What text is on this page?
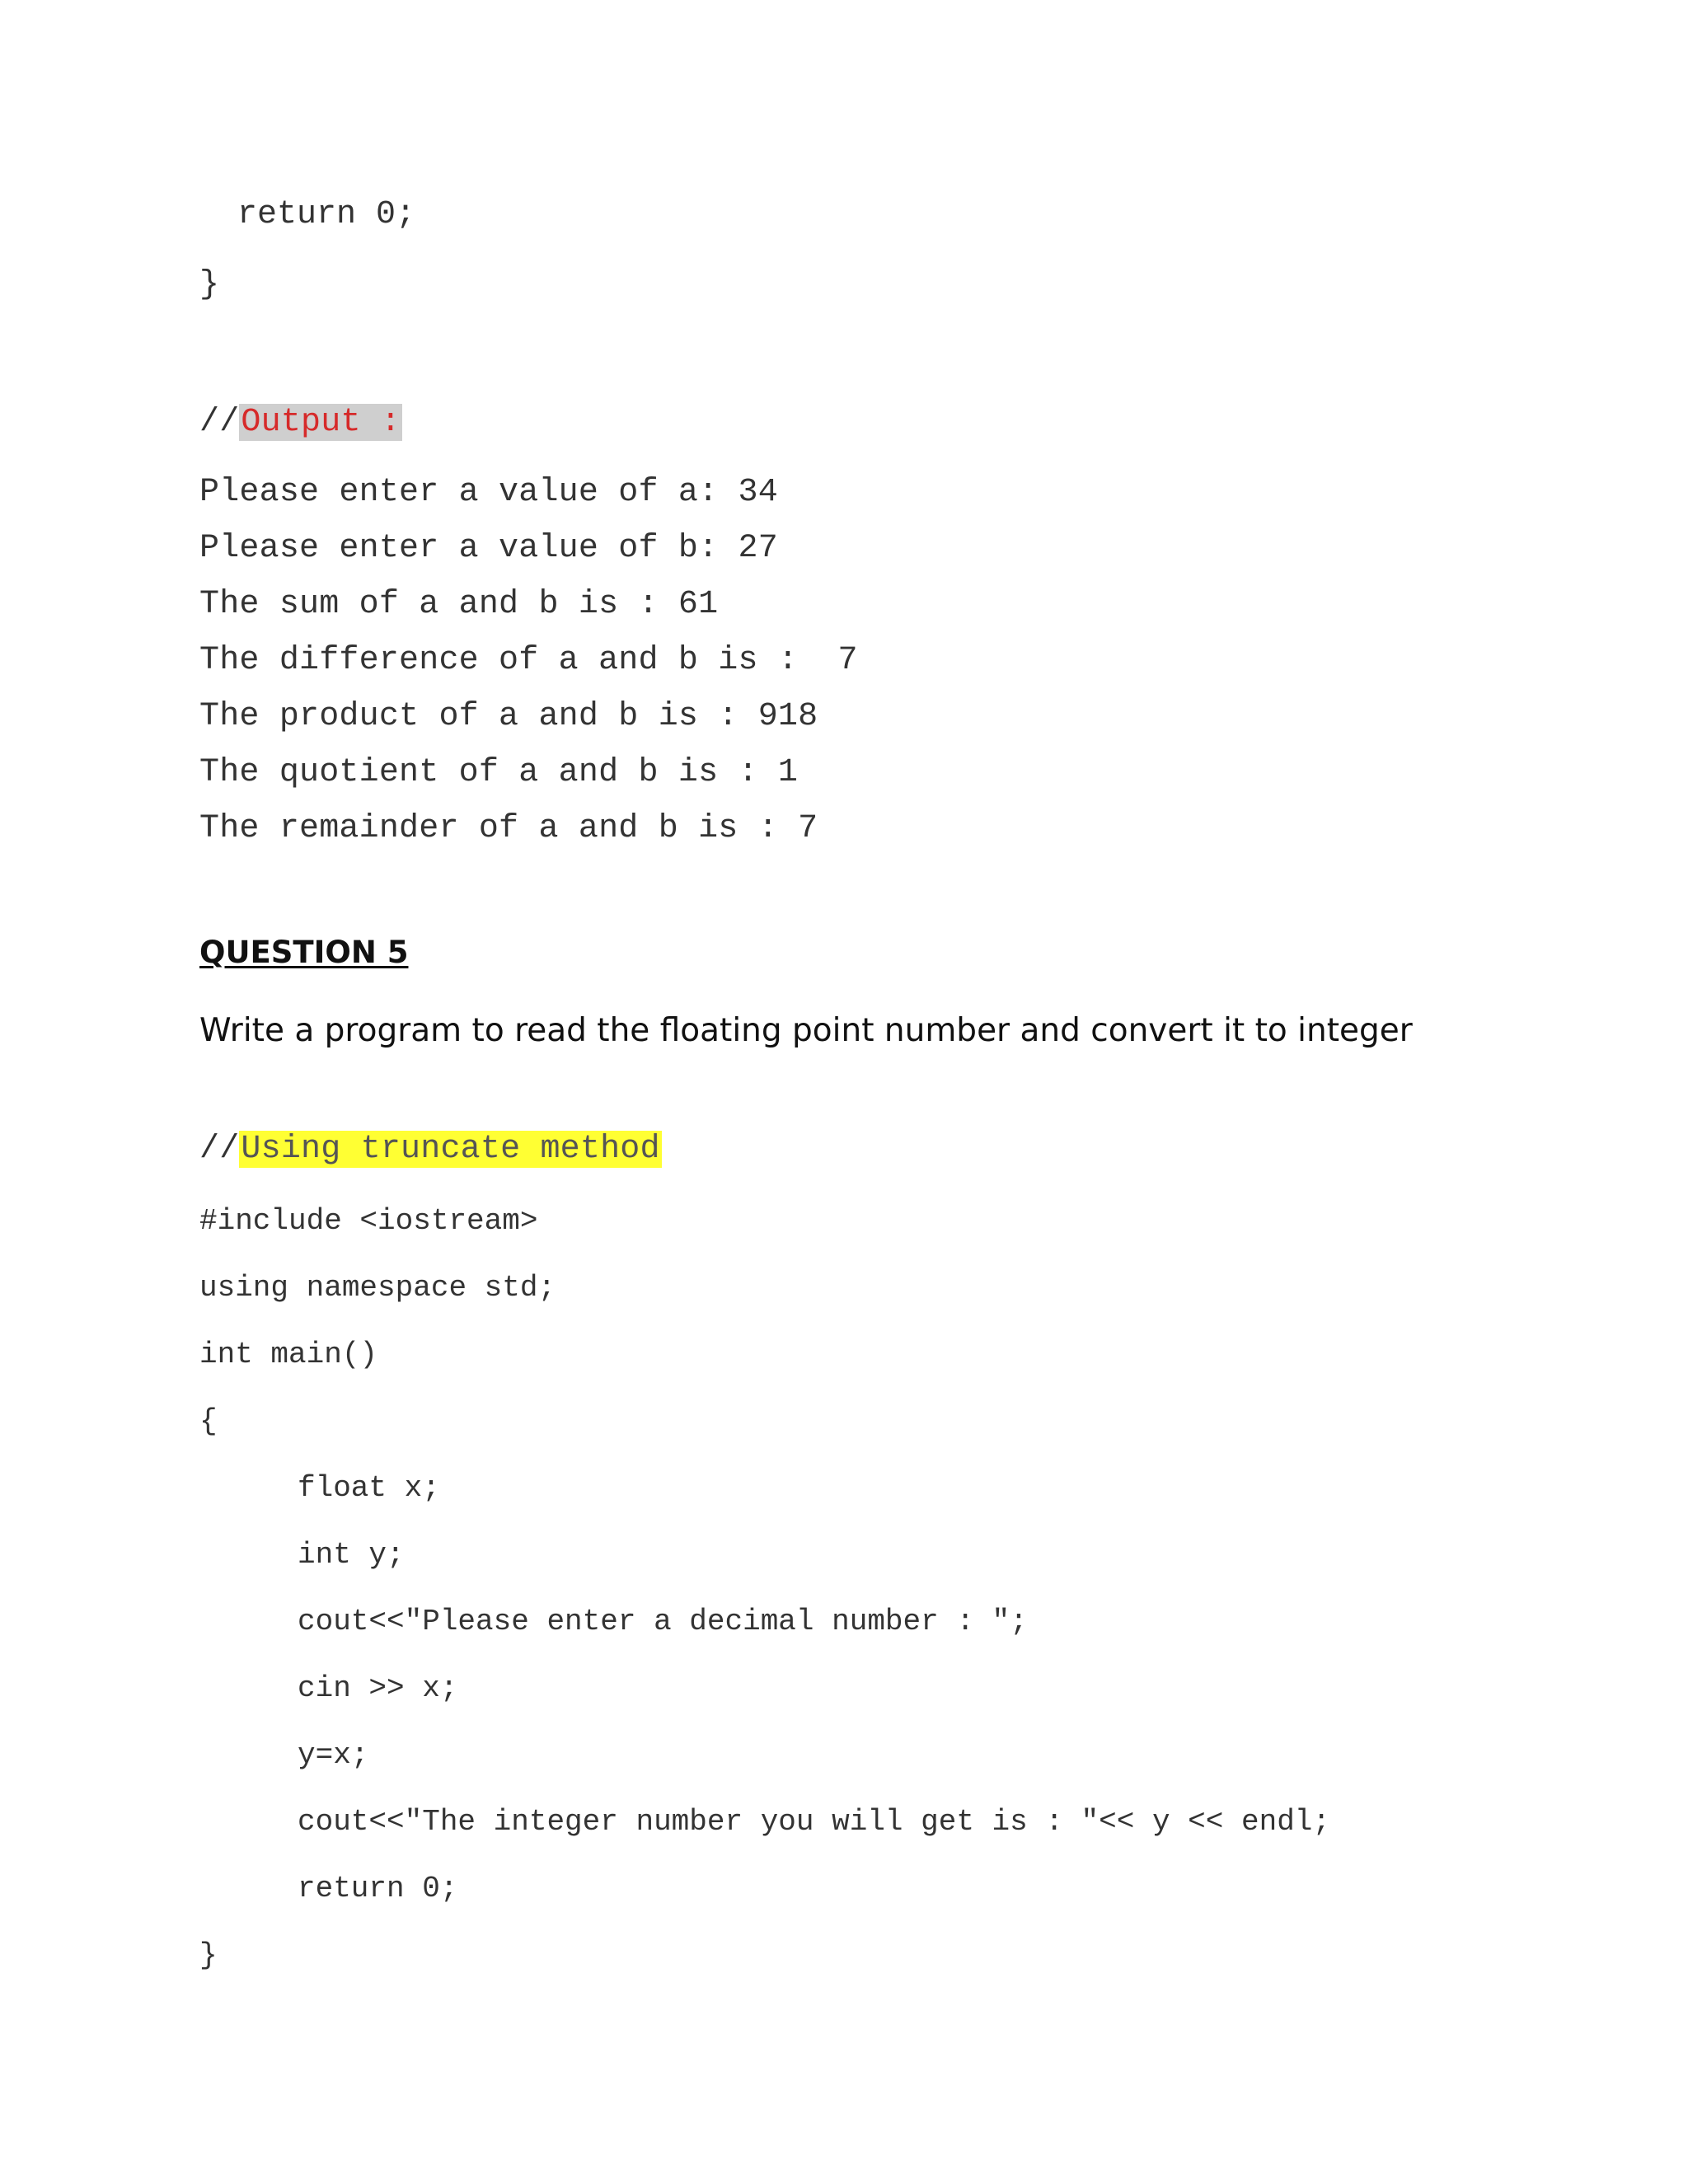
return 0;
}
//Output :
Please enter a value of a: 34
Please enter a value of b: 27
The sum of a and b is : 61
The difference of a and b is :  7
The product of a and b is : 918
The quotient of a and b is : 1
The remainder of a and b is : 7
QUESTION 5
Write a program to read the floating point number and convert it to integer
//Using truncate method
#include <iostream>
using namespace std;
int main()
{
float x;
int y;
cout<<"Please enter a decimal number : ";
cin >> x;
y=x;
cout<<"The integer number you will get is : "<< y << endl;
return 0;
}
